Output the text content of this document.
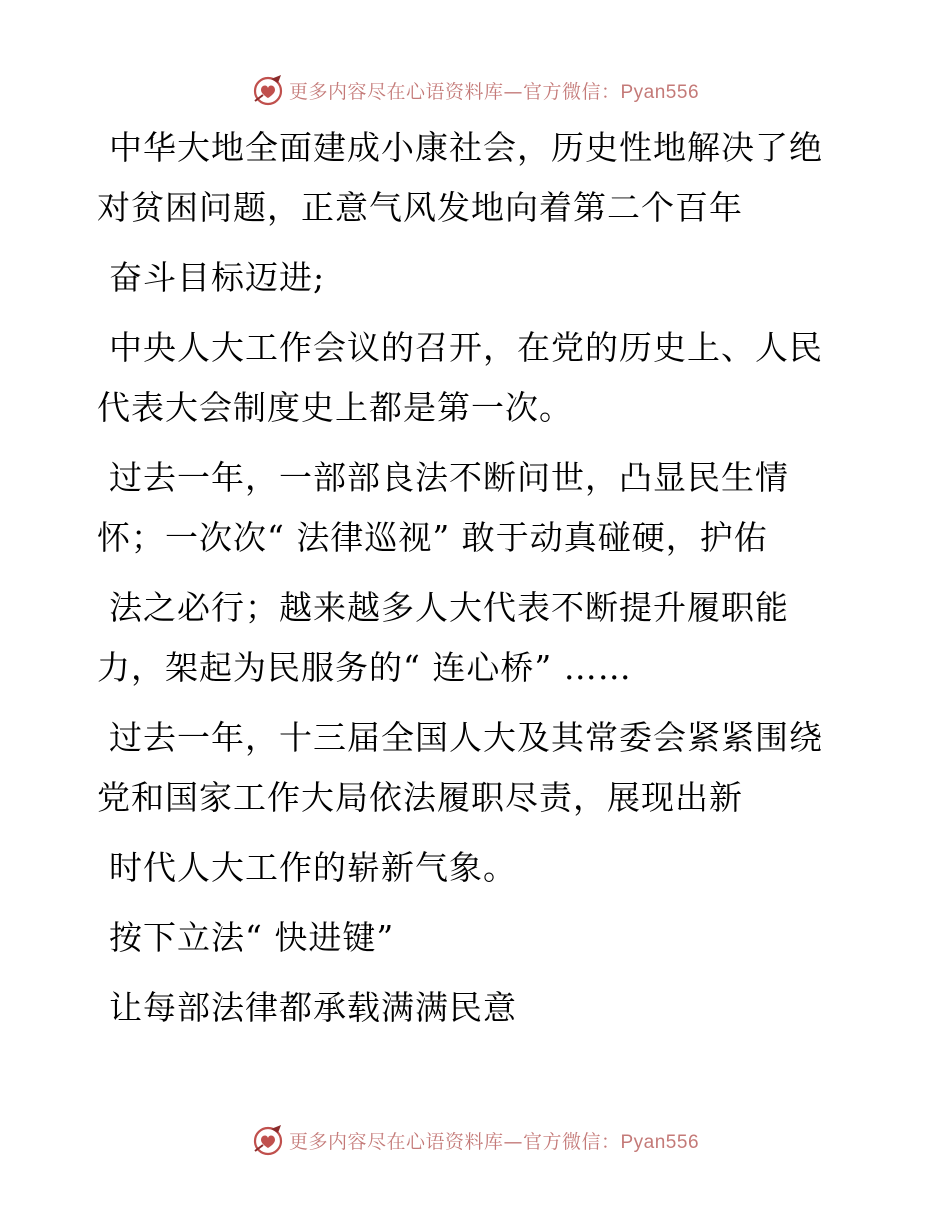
更多内容尽在心语资料库—官方微信：Pyan556
中华大地全面建成小康社会，历史性地解决了绝
对贫困问题，正意气风发地向着第二个百年
奋斗目标迈进;
中央人大工作会议的召开，在党的历史上、人民
代表大会制度史上都是第一次。
过去一年，一部部良法不断问世，凸显民生情
怀；一次次“ 法律巡视” 敢于动真碰硬，护佑
法之必行；越来越多人大代表不断提升履职能
力，架起为民服务的“ 连心桥” ……
过去一年，十三届全国人大及其常委会紧紧围绕
党和国家工作大局依法履职尽责，展现出新
时代人大工作的崭新气象。
按下立法“ 快进键”
让每部法律都承载满满民意
更多内容尽在心语资料库—官方微信：Pyan556
